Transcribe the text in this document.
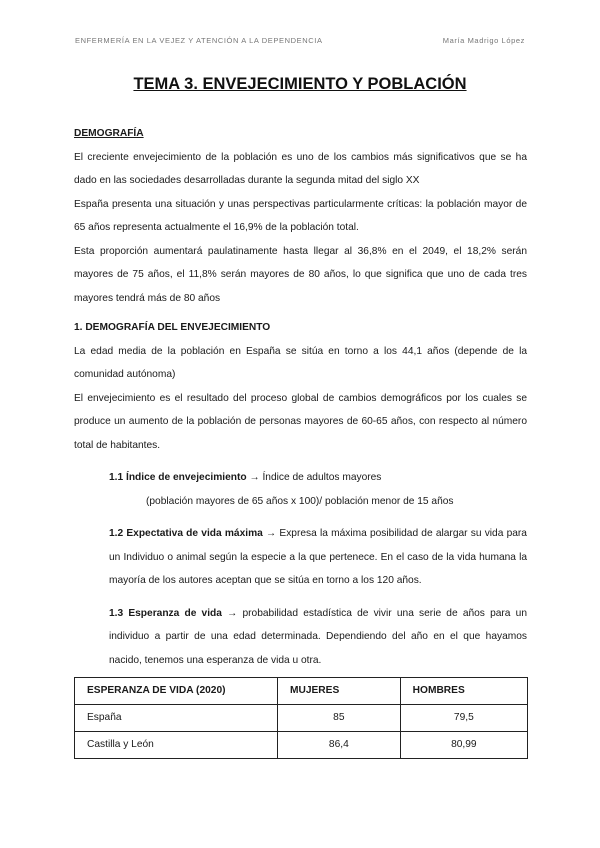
ENFERMERÍA EN LA VEJEZ Y ATENCIÓN A LA DEPENDENCIA	María Madrigo López
TEMA 3. ENVEJECIMIENTO Y POBLACIÓN

DEMOGRAFÍA

El creciente envejecimiento de la población es uno de los cambios más significativos que se ha dado en las sociedades desarrolladas durante la segunda mitad del siglo XX

España presenta una situación y unas perspectivas particularmente críticas: la población mayor de 65 años representa actualmente el 16,9% de la población total.

Esta proporción aumentará paulatinamente hasta llegar al 36,8% en el 2049, el 18,2% serán mayores de 75 años, el 11,8% serán mayores de 80 años, lo que significa que uno de cada tres mayores tendrá más de 80 años

1. DEMOGRAFÍA DEL ENVEJECIMIENTO

La edad media de la población en España se sitúa en torno a los 44,1 años (depende de la comunidad autónoma)

El envejecimiento es el resultado del proceso global de cambios demográficos por los cuales se produce un aumento de la población de personas mayores de 60-65 años, con respecto al número total de habitantes.

1.1 Índice de envejecimiento → Índice de adultos mayores

(población mayores de 65 años x 100)/ población menor de 15 años

1.2 Expectativa de vida máxima → Expresa la máxima posibilidad de alargar su vida para un Individuo o animal según la especie a la que pertenece. En el caso de la vida humana la mayoría de los autores aceptan que se sitúa en torno a los 120 años.

1.3 Esperanza de vida → probabilidad estadística de vivir una serie de años para un individuo a partir de una edad determinada. Dependiendo del año en el que hayamos nacido, tenemos una esperanza de vida u otra.

ESPERANZA DE VIDA (2020)	MUJERES	HOMBRES
España	85	79,5
Castilla y León	86,4	80,99
